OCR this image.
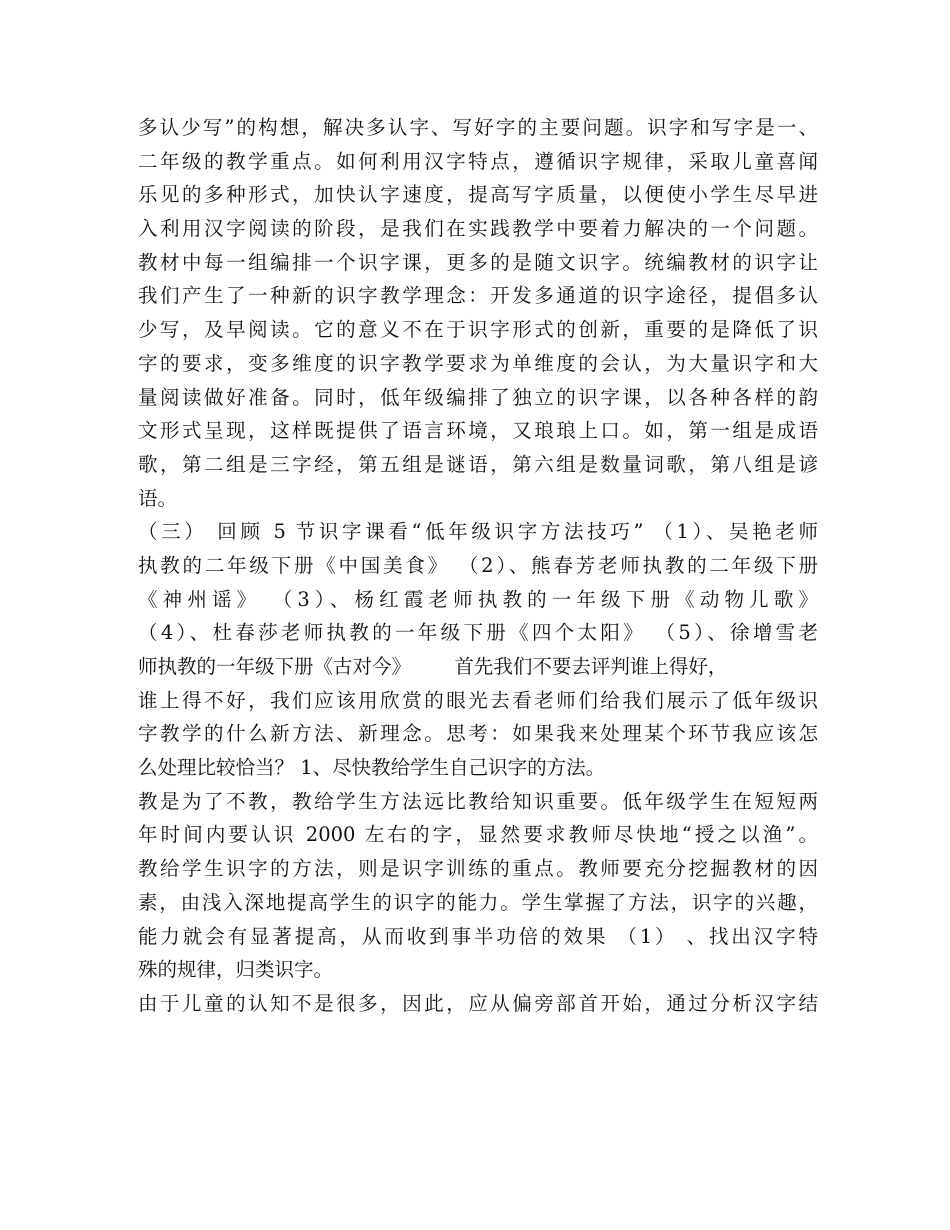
多认少写”的构想，解决多认字、写好字的主要问题。识字和写字是一、
二年级的教学重点。如何利用汉字特点，遵循识字规律，采取儿童喜闻
乐见的多种形式，加快认字速度，提高写字质量，以便使小学生尽早进
入利用汉字阅读的阶段，是我们在实践教学中要着力解决的一个问题。
教材中每一组编排一个识字课，更多的是随文识字。统编教材的识字让
我们产生了一种新的识字教学理念：开发多通道的识字途径，提倡多认
少写，及早阅读。它的意义不在于识字形式的创新，重要的是降低了识
字的要求，变多维度的识字教学要求为单维度的会认，为大量识字和大
量阅读做好准备。同时，低年级编排了独立的识字课，以各种各样的韵
文形式呈现，这样既提供了语言环境，又琅琅上口。如，第一组是成语
歌，第二组是三字经，第五组是谜语，第六组是数量词歌，第八组是谚
语。
（三） 回顾 5 节识字课看“低年级识字方法技巧” （1）、吴艳老师
执教的二年级下册《中国美食》 （2）、熊春芳老师执教的二年级下册
《神州谣》 （3）、杨红霞老师执教的一年级下册《动物儿歌》
（4）、杜春莎老师执教的一年级下册《四个太阳》 （5）、徐增雪老
师执教的一年级下册《古对今》       首先我们不要去评判谁上得好，
谁上得不好，我们应该用欣赏的眼光去看老师们给我们展示了低年级识
字教学的什么新方法、新理念。思考：如果我来处理某个环节我应该怎
么处理比较恰当？ 1、尽快教给学生自己识字的方法。
教是为了不教，教给学生方法远比教给知识重要。低年级学生在短短两
年时间内要认识 2000 左右的字，显然要求教师尽快地“授之以渔”。
教给学生识字的方法，则是识字训练的重点。教师要充分挖掘教材的因
素，由浅入深地提高学生的识字的能力。学生掌握了方法，识字的兴趣，
能力就会有显著提高，从而收到事半功倍的效果 （1） 、找出汉字特
殊的规律，归类识字。
由于儿童的认知不是很多，因此，应从偏旁部首开始，通过分析汉字结
